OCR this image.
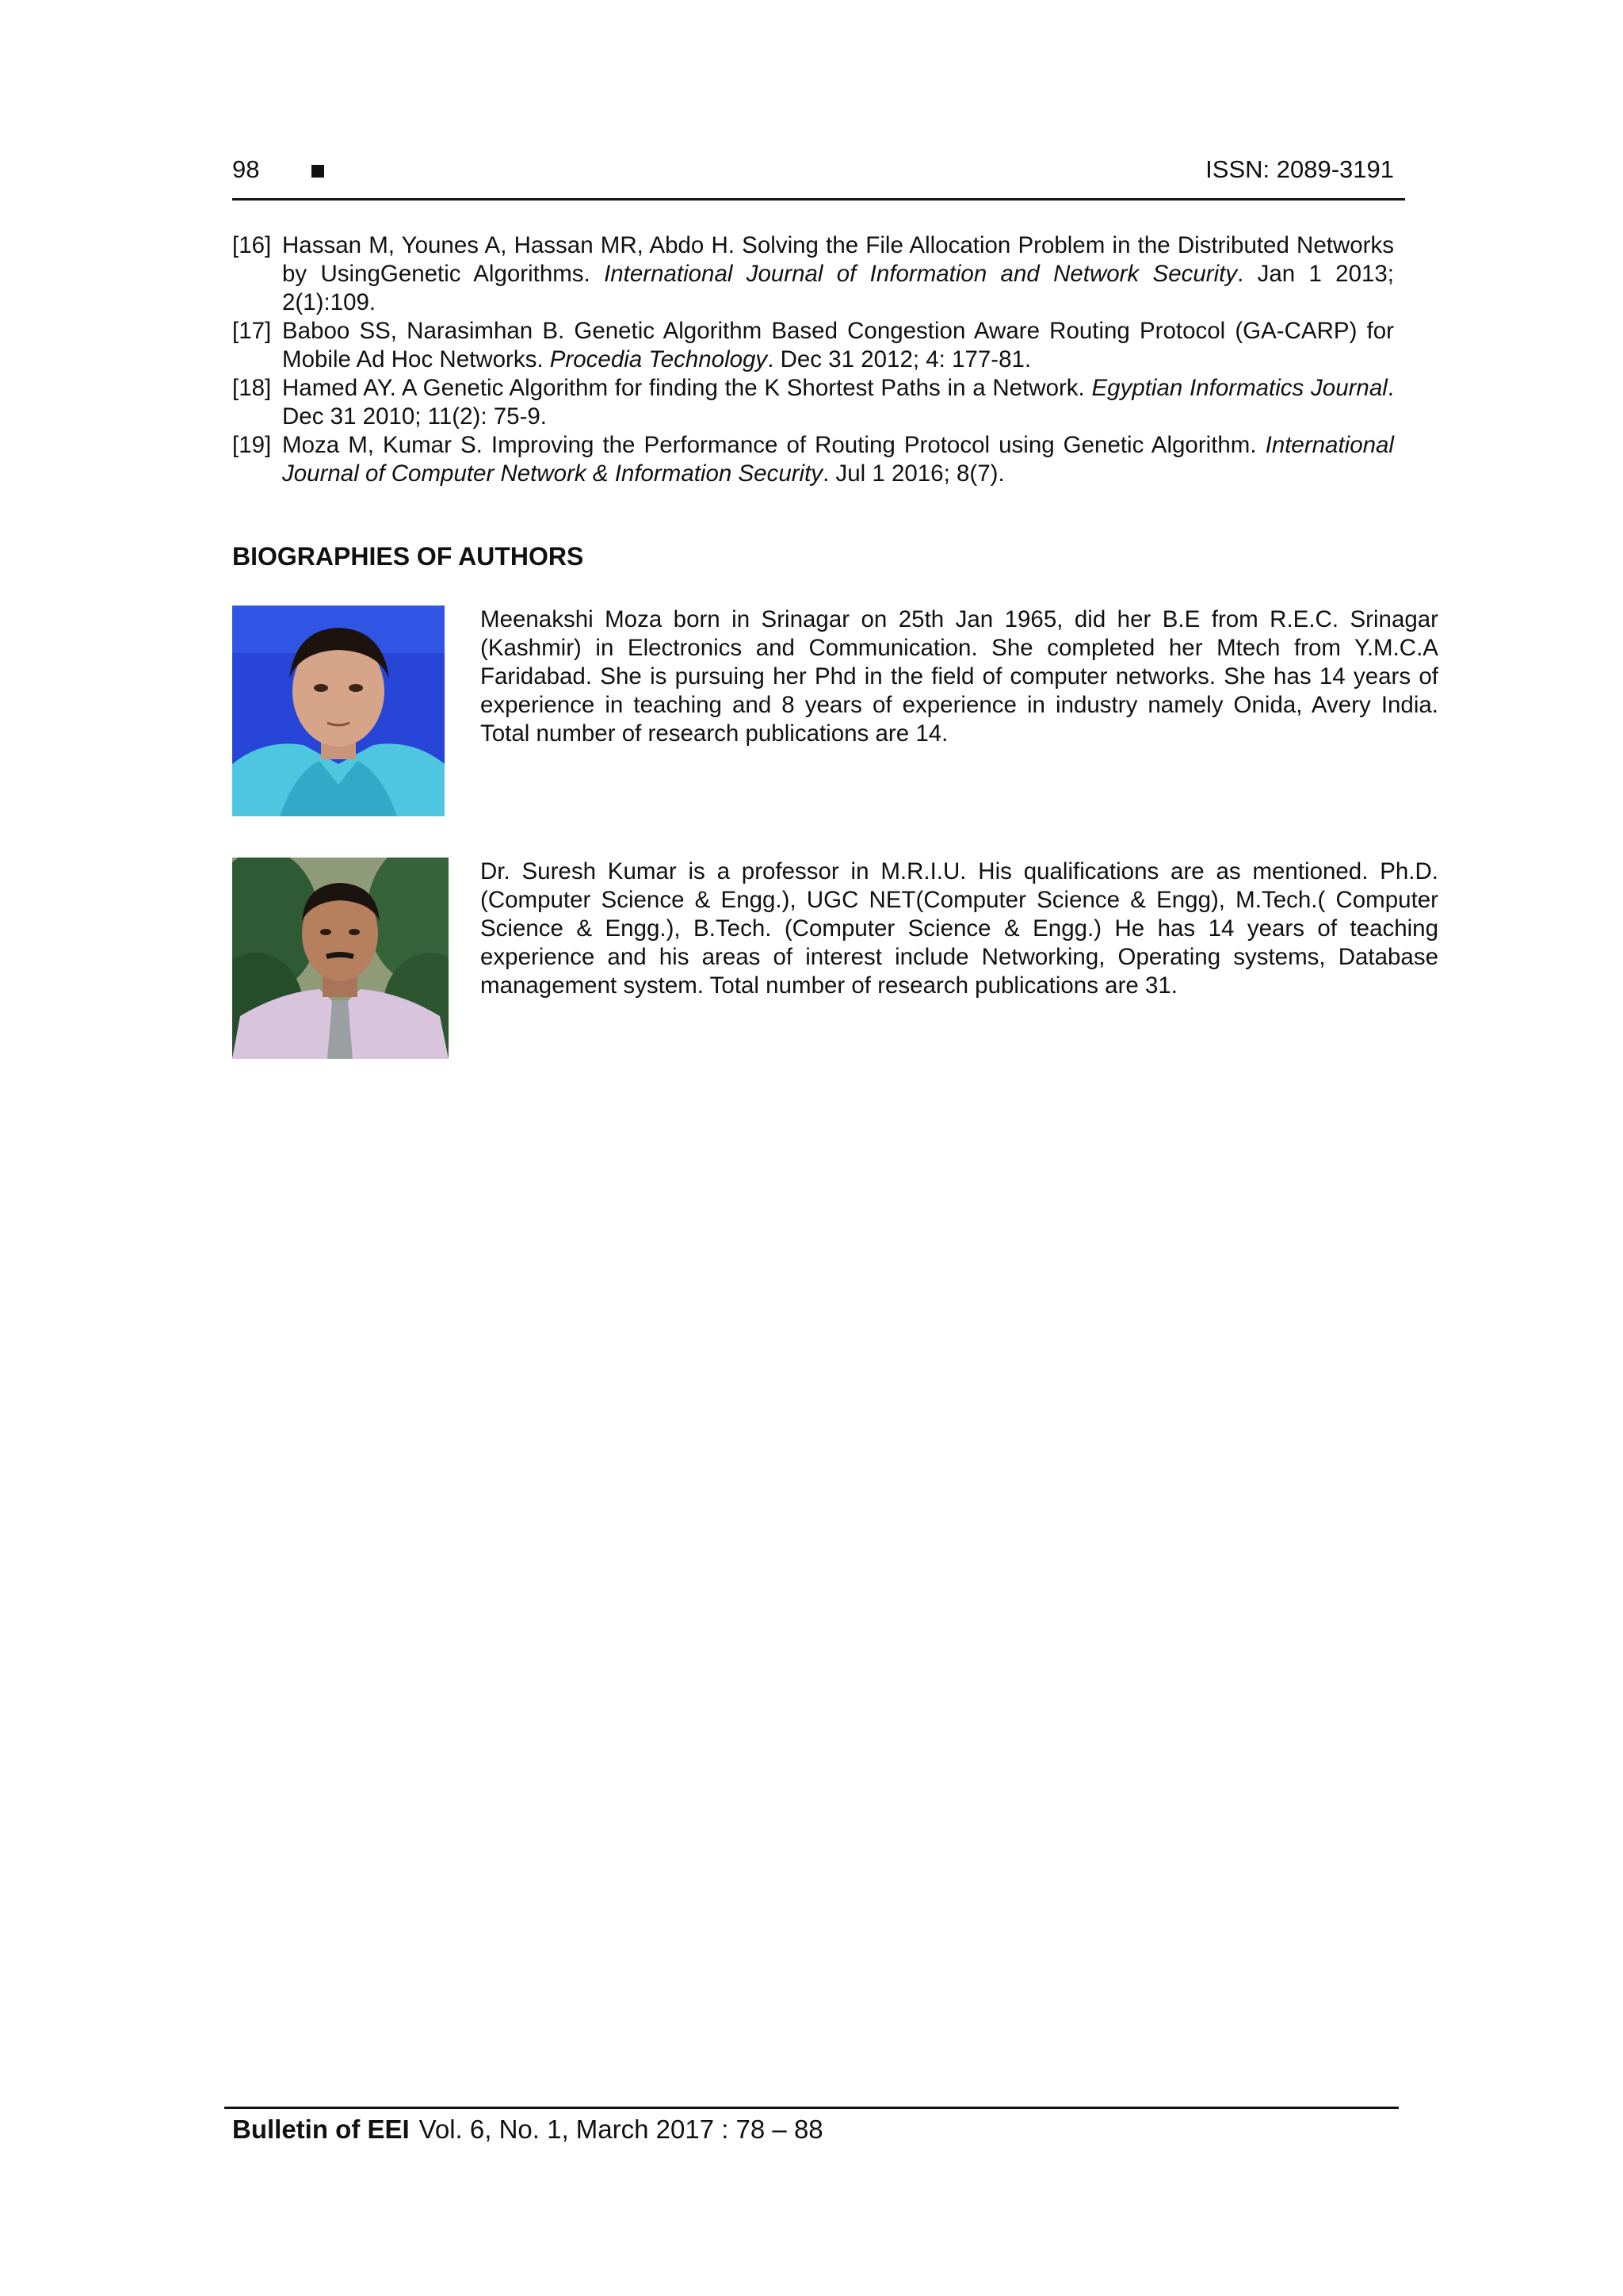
98	ISSN: 2089-3191
[16] Hassan M, Younes A, Hassan MR, Abdo H. Solving the File Allocation Problem in the Distributed Networks by UsingGenetic Algorithms. International Journal of Information and Network Security. Jan 1 2013; 2(1):109.
[17] Baboo SS, Narasimhan B. Genetic Algorithm Based Congestion Aware Routing Protocol (GA-CARP) for Mobile Ad Hoc Networks. Procedia Technology. Dec 31 2012; 4: 177-81.
[18] Hamed AY. A Genetic Algorithm for finding the K Shortest Paths in a Network. Egyptian Informatics Journal. Dec 31 2010; 11(2): 75-9.
[19] Moza M, Kumar S. Improving the Performance of Routing Protocol using Genetic Algorithm. International Journal of Computer Network & Information Security. Jul 1 2016; 8(7).
BIOGRAPHIES OF AUTHORS
Meenakshi Moza born in Srinagar on 25th Jan 1965, did her B.E from R.E.C. Srinagar (Kashmir) in Electronics and Communication. She completed her Mtech from Y.M.C.A Faridabad. She is pursuing her Phd in the field of computer networks. She has 14 years of experience in teaching and 8 years of experience in industry namely Onida, Avery India. Total number of research publications are 14.
Dr. Suresh Kumar is a professor in M.R.I.U. His qualifications are as mentioned. Ph.D. (Computer Science & Engg.), UGC NET(Computer Science & Engg), M.Tech.( Computer Science & Engg.), B.Tech. (Computer Science & Engg.) He has 14 years of teaching experience and his areas of interest include Networking, Operating systems, Database management system. Total number of research publications are 31.
Bulletin of EEI Vol. 6, No. 1, March 2017 : 78 – 88
